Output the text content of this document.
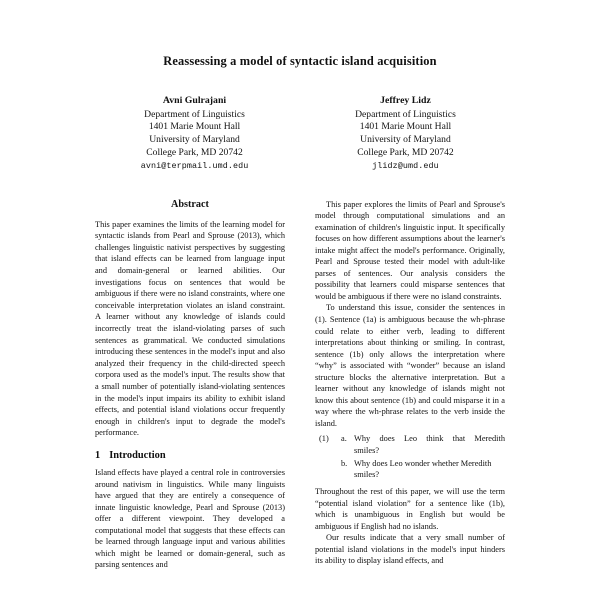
Reassessing a model of syntactic island acquisition
Avni Gulrajani
Department of Linguistics
1401 Marie Mount Hall
University of Maryland
College Park, MD 20742
avni@terpmail.umd.edu
Jeffrey Lidz
Department of Linguistics
1401 Marie Mount Hall
University of Maryland
College Park, MD 20742
jlidz@umd.edu
Abstract

This paper examines the limits of the learning model for syntactic islands from Pearl and Sprouse (2013), which challenges linguistic nativist perspectives by suggesting that island effects can be learned from language input and domain-general or learned abilities. Our investigations focus on sentences that would be ambiguous if there were no island constraints, where one conceivable interpretation violates an island constraint. A learner without any knowledge of islands could incorrectly treat the island-violating parses of such sentences as grammatical. We conducted simulations introducing these sentences in the model's input and also analyzed their frequency in the child-directed speech corpora used as the model's input. The results show that a small number of potentially island-violating sentences in the model's input impairs its ability to exhibit island effects, and potential island violations occur frequently enough in children's input to degrade the model's performance.

1 Introduction

Island effects have played a central role in controversies around nativism in linguistics. While many linguists have argued that they are entirely a consequence of innate linguistic knowledge, Pearl and Sprouse (2013) offer a different viewpoint. They developed a computational model that suggests that these effects can be learned through language input and various abilities which might be learned or domain-general, such as parsing sentences and

This paper explores the limits of Pearl and Sprouse's model through computational simulations and an examination of children's linguistic input. It specifically focuses on how different assumptions about the learner's intake might affect the model's performance. Originally, Pearl and Sprouse tested their model with adult-like parses of sentences. Our analysis considers the possibility that learners could misparse sentences that would be ambiguous if there were no island constraints.

To understand this issue, consider the sentences in (1). Sentence (1a) is ambiguous because the wh-phrase could relate to either verb, leading to different interpretations about thinking or smiling. In contrast, sentence (1b) only allows the interpretation where “why” is associated with “wonder” because an island structure blocks the alternative interpretation. But a learner without any knowledge of islands might not know this about sentence (1b) and could misparse it in a way where the wh-phrase relates to the verb inside the island.

(1)	a. Why does Leo think that Meredith
smiles?
b. Why does Leo wonder whether Meredith
smiles?

Throughout the rest of this paper, we will use the term “potential island violation” for a sentence like (1b), which is unambiguous in English but would be ambiguous if English had no islands.

Our results indicate that a very small number of potential island violations in the model's input hinders its ability to display island effects, and
